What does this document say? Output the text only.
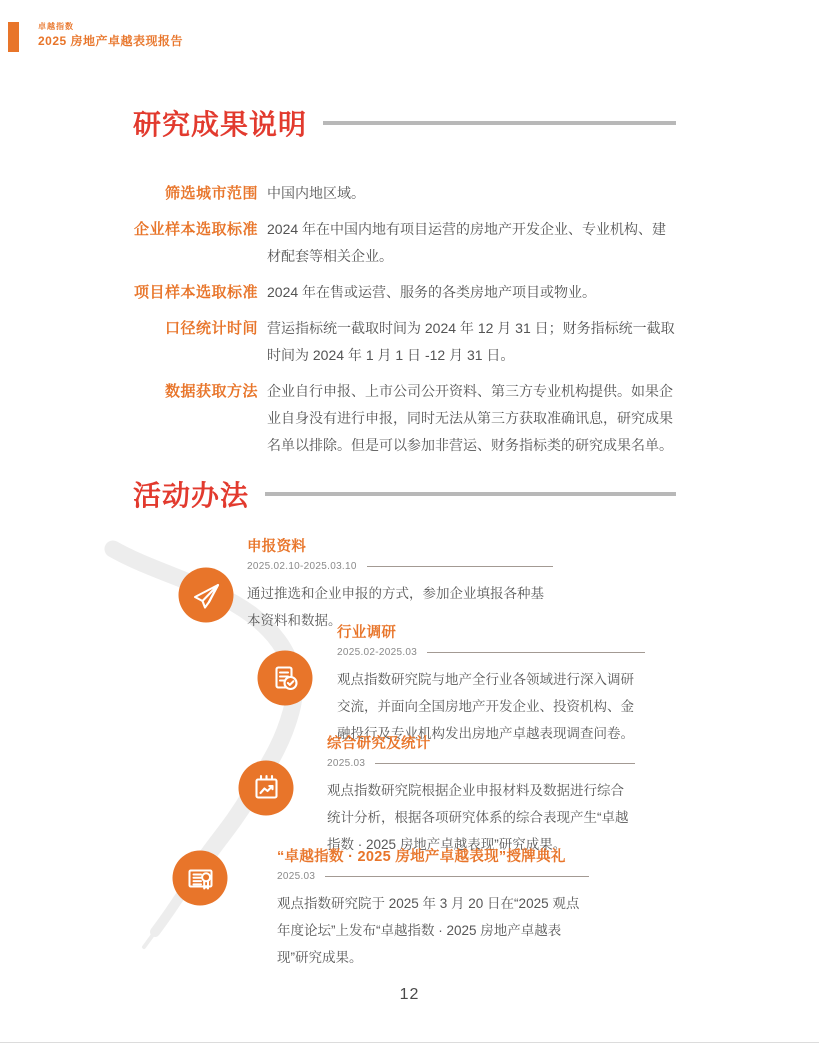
卓越指数
2025 房地产卓越表现报告
研究成果说明
筛选城市范围 中国内地区域。
企业样本选取标准 2024 年在中国内地有项目运营的房地产开发企业、专业机构、建材配套等相关企业。
项目样本选取标准 2024 年在售或运营、服务的各类房地产项目或物业。
口径统计时间 营运指标统一截取时间为 2024 年 12 月 31 日；财务指标统一截取时间为 2024 年 1 月 1 日 -12 月 31 日。
数据获取方法 企业自行申报、上市公司公开资料、第三方专业机构提供。如果企业自身没有进行申报，同时无法从第三方获取准确讯息，研究成果名单以排除。但是可以参加非营运、财务指标类的研究成果名单。
活动办法
申报资料
2025.02.10-2025.03.10
通过推选和企业申报的方式，参加企业填报各种基本资料和数据。
行业调研
2025.02-2025.03
观点指数研究院与地产全行业各领域进行深入调研交流，并面向全国房地产开发企业、投资机构、金融投行及专业机构发出房地产卓越表现调查问卷。
综合研究及统计
2025.03
观点指数研究院根据企业申报材料及数据进行综合统计分析，根据各项研究体系的综合表现产生“卓越指数 · 2025 房地产卓越表现”研究成果。
“卓越指数 · 2025 房地产卓越表现”授牌典礼
2025.03
观点指数研究院于 2025 年 3 月 20 日在“2025 观点年度论坛”上发布“卓越指数 · 2025 房地产卓越表现”研究成果。
12
